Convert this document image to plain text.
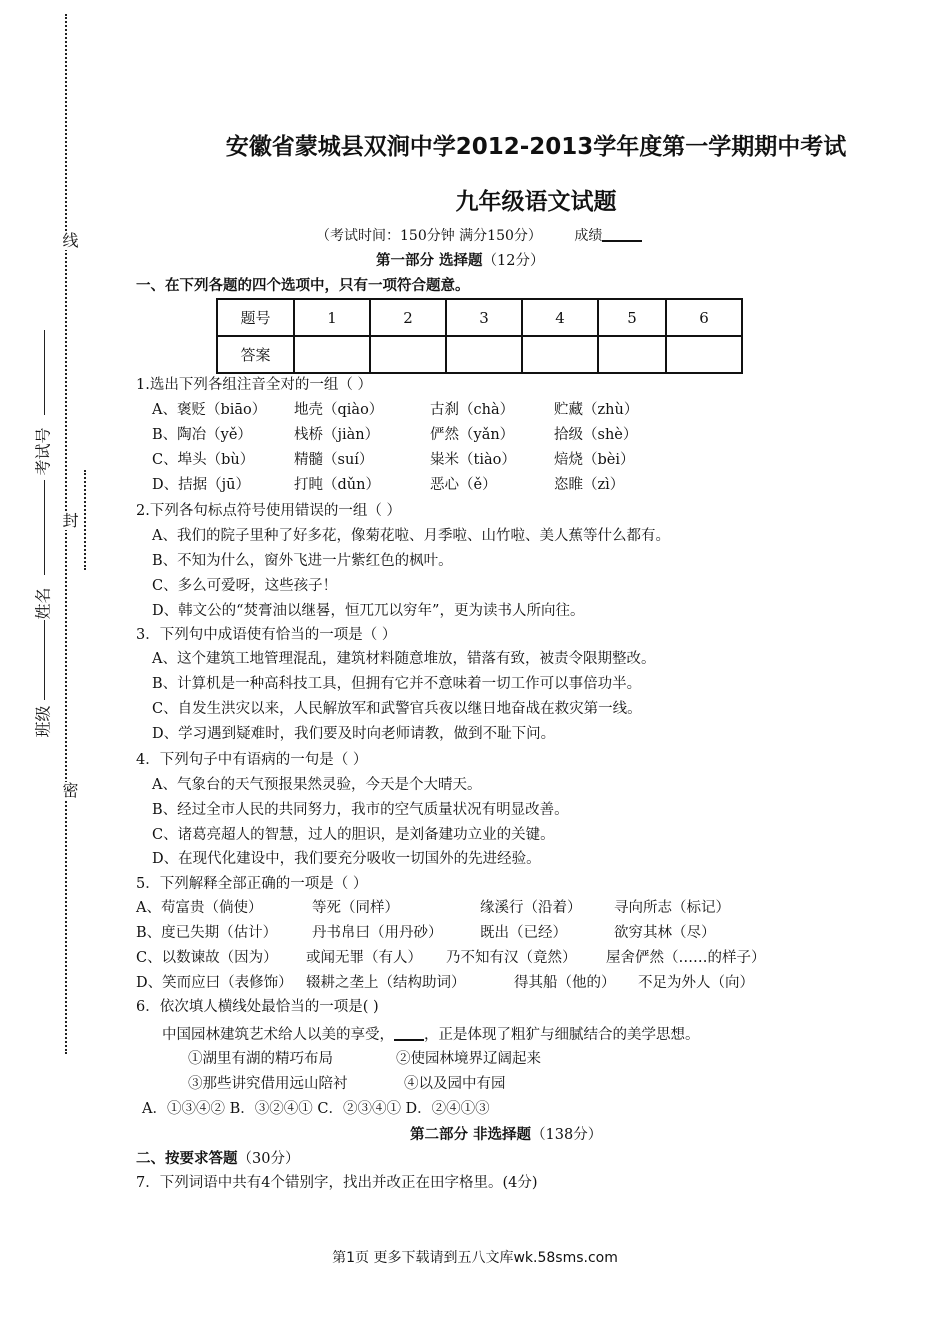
线
封
密
考试号
姓名
班级
安徽省蒙城县双涧中学2012-2013学年度第一学期期中考试
九年级语文试题
（考试时间：150分钟 满分150分） 成绩
第一部分 选择题（12分）
一、在下列各题的四个选项中，只有一项符合题意。
题号	1	2	3	4	5	6
答案						
1.选出下列各组注音全对的一组（ ）
A、褒贬（biāo） 地壳（qiào）	古刹（chà）	贮藏（zhù）
B、陶冶（yě）	栈桥（jiàn）	俨然（yǎn）	拾级（shè）
C、埠头（bù）	精髓（suí）	粜米（tiào）	焙烧（bèi）
D、拮据（jū）	打盹（dǔn）	恶心（ě）	恣睢（zì）
2.下列各句标点符号使用错误的一组（ ）
A、我们的院子里种了好多花，像菊花啦、月季啦、山竹啦、美人蕉等什么都有。
B、不知为什么，窗外飞进一片紫红色的枫叶。
C、多么可爱呀，这些孩子！
D、韩文公的“焚膏油以继晷，恒兀兀以穷年”，更为读书人所向往。
3．下列句中成语使有恰当的一项是（ ）
A、这个建筑工地管理混乱，建筑材料随意堆放，错落有致，被责令限期整改。
B、计算机是一种高科技工具，但拥有它并不意味着一切工作可以事倍功半。
C、自发生洪灾以来，人民解放军和武警官兵夜以继日地奋战在救灾第一线。
D、学习遇到疑难时，我们要及时向老师请教，做到不耻下问。
4．下列句子中有语病的一句是（ ）
A、气象台的天气预报果然灵验，今天是个大晴天。
B、经过全市人民的共同努力，我市的空气质量状况有明显改善。
C、诸葛亮超人的智慧，过人的胆识，是刘备建功立业的关键。
D、在现代化建设中，我们要充分吸收一切国外的先进经验。
5．下列解释全部正确的一项是（ ）
A、苟富贵（倘使）	等死（同样）	缘溪行（沿着） 寻向所志（标记）
B、度已失期（估计） 丹书帛曰（用丹砂）	既出（已经）	欲穷其林（尽）
C、以数谏故（因为） 或闻无罪（有人） 乃不知有汉（竟然） 屋舍俨然（……的样子）
D、笑而应曰（表修饰） 辍耕之垄上（结构助词）	得其船（他的） 不足为外人（向）
6．依次填人横线处最恰当的一项是( )
中国园林建筑艺术给人以美的享受， ，正是体现了粗犷与细腻结合的美学思想。
①湖里有湖的精巧布局	②使园林境界辽阔起来
③那些讲究借用远山陪衬	④以及园中有园
A．①③④② B．③②④① C．②③④① D．②④①③
第二部分 非选择题（138分）
二、按要求答题（30分）
7．下列词语中共有4个错别字，找出并改正在田字格里。(4分)
第1页 更多下载请到五八文库wk.58sms.com
